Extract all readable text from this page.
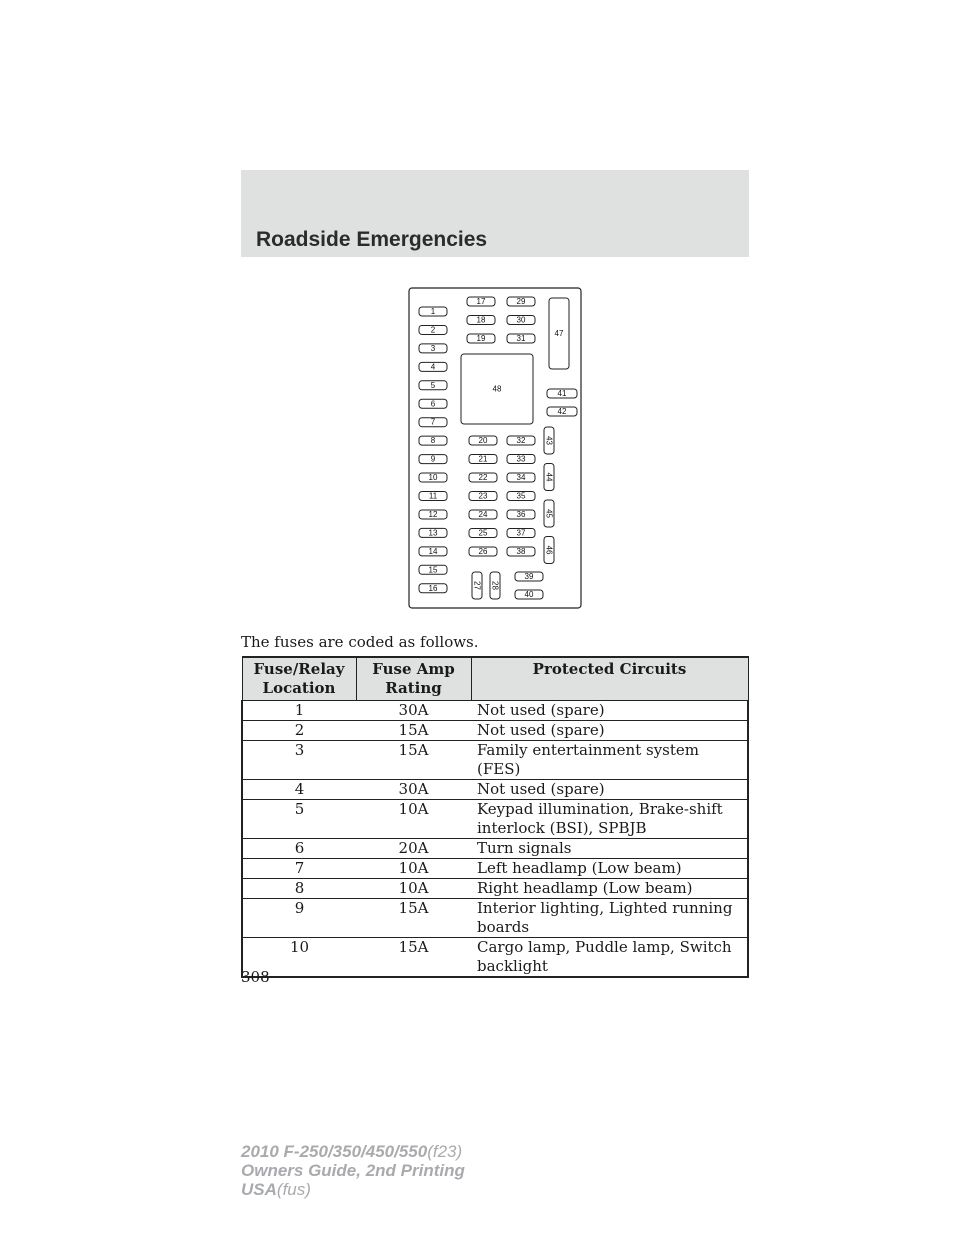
Roadside Emergencies
1
2
3
4
5
6
7
8
9
10
11
12
13
14
15
16
17
18
19
29
30
31
47
48	41
42
43
44
45
46
20
21
22
23
24
25
26
32
33
34
35
36
37
38
27 28
39
40
The fuses are coded as follows.
Fuse/Relay Location	Fuse Amp Rating	Protected Circuits
1	30A	Not used (spare)
2	15A	Not used (spare)
3	15A	Family entertainment system (FES)
4	30A	Not used (spare)
5	10A	Keypad illumination, Brake-shift interlock (BSI), SPBJB
6	20A	Turn signals
7	10A	Left headlamp (Low beam)
8	10A	Right headlamp (Low beam)
9	15A	Interior lighting, Lighted running boards
10	15A	Cargo lamp, Puddle lamp, Switch backlight
308
2010 F-250/350/450/550(f23)
Owners Guide, 2nd Printing
USA(fus)
